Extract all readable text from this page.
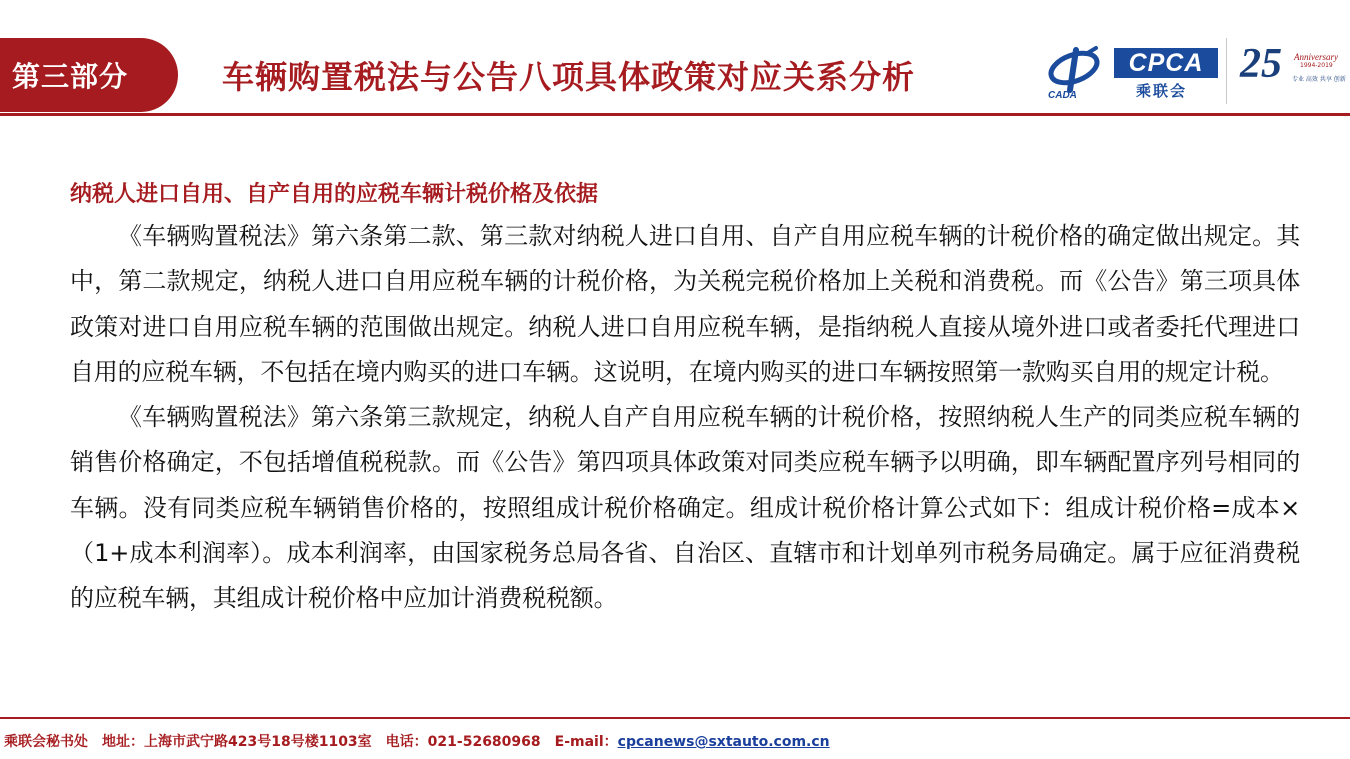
第三部分	车辆购置税法与公告八项具体政策对应关系分析	CADA
CPCA
乘联会
25 Anniversary
1994-2019
专业 高效 共享 创新
纳税人进口自用、自产自用的应税车辆计税价格及依据

《车辆购置税法》第六条第二款、第三款对纳税人进口自用、自产自用应税车辆的计税价格的确定做出规定。其中，第二款规定，纳税人进口自用应税车辆的计税价格，为关税完税价格加上关税和消费税。而《公告》第三项具体政策对进口自用应税车辆的范围做出规定。纳税人进口自用应税车辆，是指纳税人直接从境外进口或者委托代理进口自用的应税车辆，不包括在境内购买的进口车辆。这说明，在境内购买的进口车辆按照第一款购买自用的规定计税。

《车辆购置税法》第六条第三款规定，纳税人自产自用应税车辆的计税价格，按照纳税人生产的同类应税车辆的销售价格确定，不包括增值税税款。而《公告》第四项具体政策对同类应税车辆予以明确，即车辆配置序列号相同的车辆。没有同类应税车辆销售价格的，按照组成计税价格确定。组成计税价格计算公式如下：组成计税价格=成本×（1+成本利润率）。成本利润率，由国家税务总局各省、自治区、直辖市和计划单列市税务局确定。属于应征消费税的应税车辆，其组成计税价格中应加计消费税税额。

乘联会秘书处 地址：上海市武宁路423号18号楼1103室 电话：021-52680968 E-mail：cpcanews@sxtauto.com.cn
